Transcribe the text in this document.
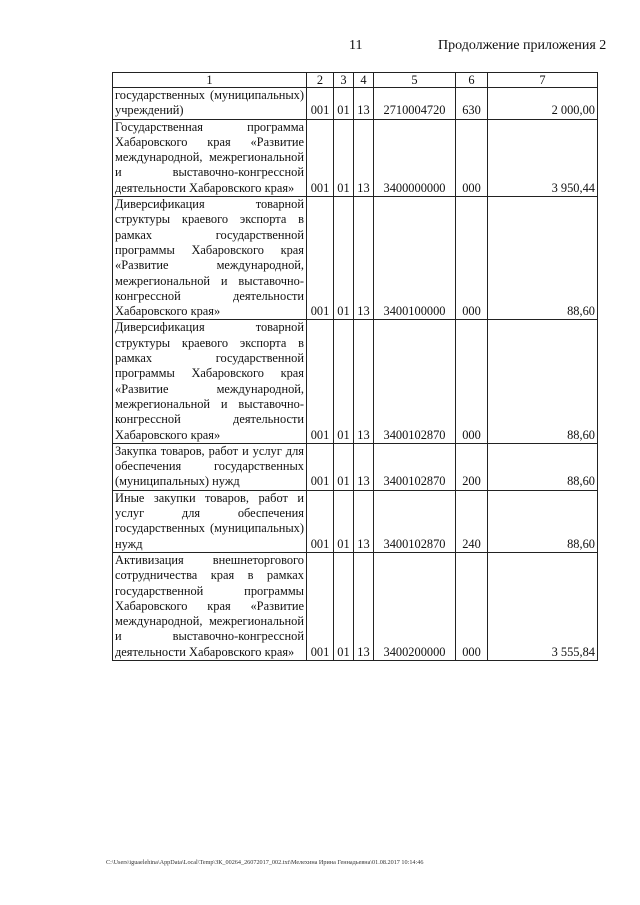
11	Продолжение приложения 2
1	2	3	4	5	6	7
государственных (муниципальных) учреждений)	001	01	13	2710004720	630	2 000,00
Государственная программа Хабаровского края «Развитие международной, межрегиональной и выставочно-конгрессной деятельности Хабаровского края»	001	01	13	3400000000	000	3 950,44
Диверсификация товарной структуры краевого экспорта в рамках государственной программы Хабаровского края «Развитие международной, межрегиональной и выставочно-конгрессной деятельности Хабаровского края»	001	01	13	3400100000	000	88,60
Диверсификация товарной структуры краевого экспорта в рамках государственной программы Хабаровского края «Развитие международной, межрегиональной и выставочно-конгрессной деятельности Хабаровского края»	001	01	13	3400102870	000	88,60
Закупка товаров, работ и услуг для обеспечения государственных (муниципальных) нужд	001	01	13	3400102870	200	88,60
Иные закупки товаров, работ и услуг для обеспечения государственных (муниципальных) нужд	001	01	13	3400102870	240	88,60
Активизация внешнеторгового сотрудничества края в рамках государственной программы Хабаровского края «Развитие международной, межрегиональной и выставочно-конгрессной деятельности Хабаровского края»	001	01	13	3400200000	000	3 555,84
C:\Users\iguaelehina\AppData\Local\Temp\ЗК_00264_26072017_002.txt\Мелехина Ирина Геннадьевна\01.08.2017 10:14:46
